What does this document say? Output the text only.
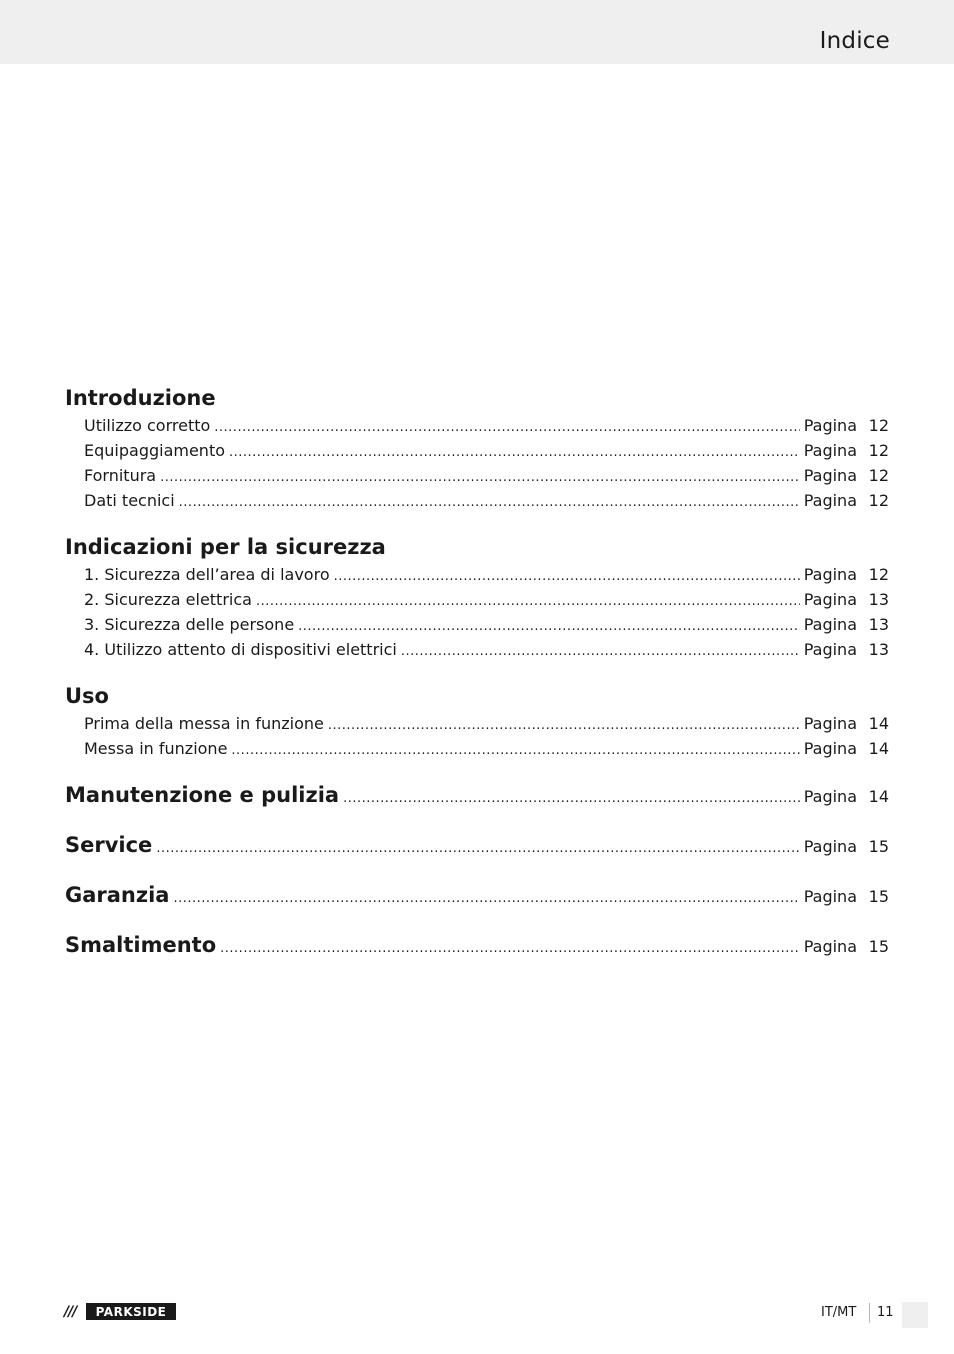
Indice
Introduzione
Utilizzo corretto .....	Pagina 12
Equipaggiamento .....	Pagina 12
Fornitura .....	Pagina 12
Dati tecnici .....	Pagina 12
Indicazioni per la sicurezza
1. Sicurezza dell’area di lavoro .....	Pagina 12
2. Sicurezza elettrica .....	Pagina 13
3. Sicurezza delle persone .....	Pagina 13
4. Utilizzo attento di dispositivi elettrici .....	Pagina 13
Uso
Prima della messa in funzione .....	Pagina 14
Messa in funzione .....	Pagina 14
Manutenzione e pulizia .....	Pagina 14
Service .....	Pagina 15
Garanzia .....	Pagina 15
Smaltimento .....	Pagina 15
///	PARKSIDE	IT/MT 11
